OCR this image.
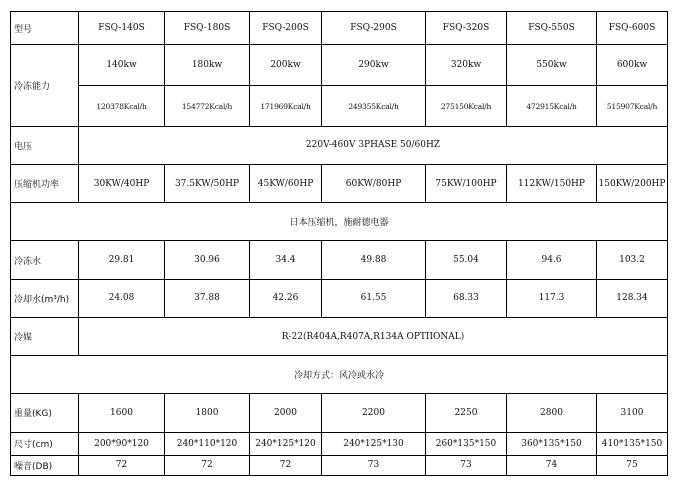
型号	FSQ-140S	FSQ-180S	FSQ-200S	FSQ-290S	FSQ-320S	FSQ-550S	FSQ-600S
冷冻能力	140kw	180kw	200kw	290kw	320kw	550kw	600kw
	120378Kcal/h	154772Kcal/h	171969Kcal/h	249355Kcal/h	275150Kcal/h	472915Kcal/h	515907Kcal/h
电压	220V-460V 3PHASE 50/60HZ						
压缩机功率	30KW/40HP	37.5KW/50HP	45KW/60HP	60KW/80HP	75KW/100HP	112KW/150HP	150KW/200HP
日本压缩机，施耐德电器							
冷冻水	29.81	30.96	34.4	49.88	55.04	94.6	103.2
冷却水(m³/h)	24.08	37.88	42.26	61.55	68.33	117.3	128.34
冷媒	R-22(R404A,R407A,R134A OPTIIONAL)						
冷却方式：风冷或水冷							
重量(KG)	1600	1800	2000	2200	2250	2800	3100
尺寸(cm)	200*90*120	240*110*120	240*125*120	240*125*130	260*135*150	360*135*150	410*135*150
噪音(DB)	72	72	72	73	73	74	75
